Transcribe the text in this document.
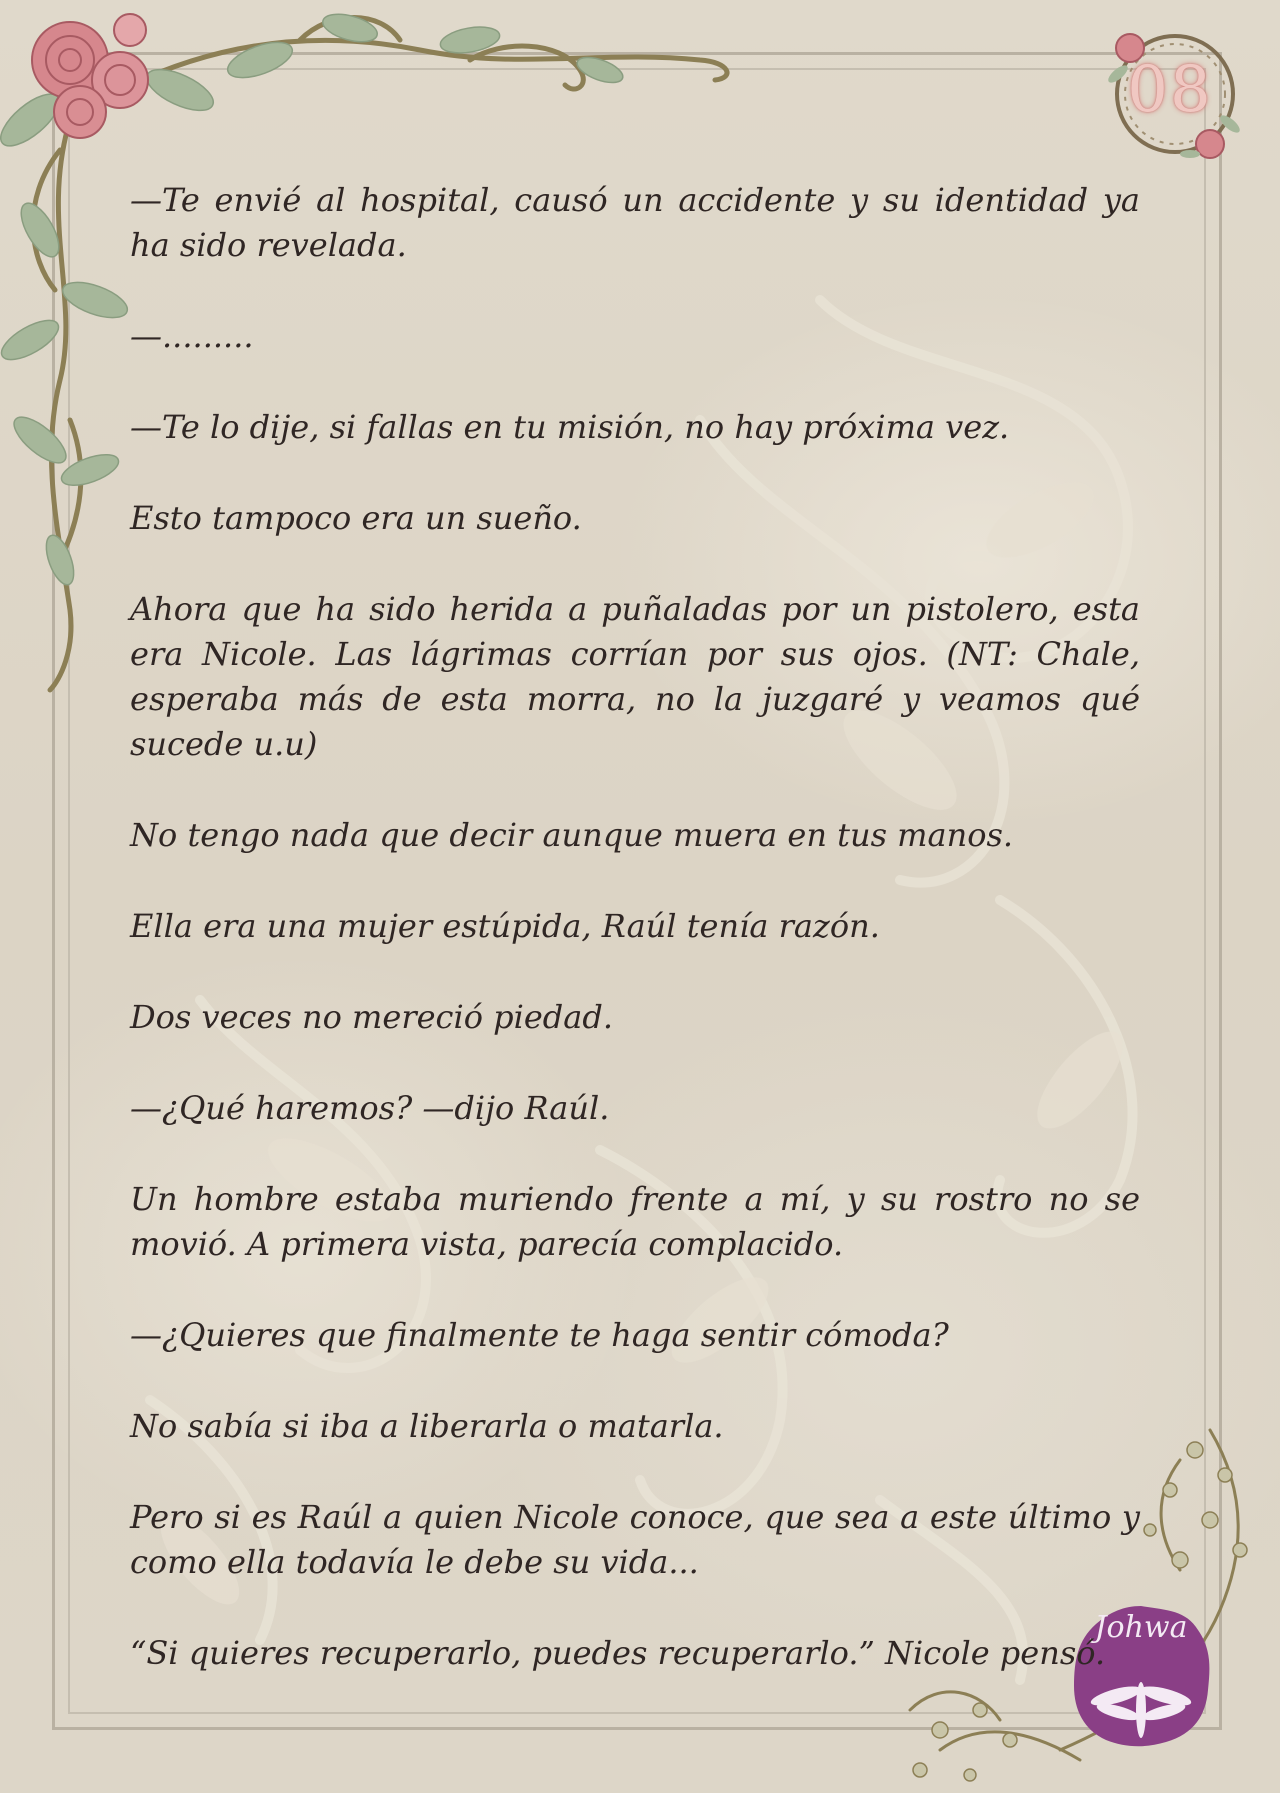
08
Johwa

—Te envié al hospital, causó un accidente y su identidad ya ha sido revelada.

—.........

—Te lo dije, si fallas en tu misión, no hay próxima vez.

Esto tampoco era un sueño.

Ahora que ha sido herida a puñaladas por un pistolero, esta era Nicole. Las lágrimas corrían por sus ojos. (NT: Chale, esperaba más de esta morra, no la juzgaré y veamos qué sucede u.u)

No tengo nada que decir aunque muera en tus manos.

Ella era una mujer estúpida, Raúl tenía razón.

Dos veces no mereció piedad.

—¿Qué haremos? —dijo Raúl.

Un hombre estaba muriendo frente a mí, y su rostro no se movió. A primera vista, parecía complacido.

—¿Quieres que finalmente te haga sentir cómoda?

No sabía si iba a liberarla o matarla.

Pero si es Raúl a quien Nicole conoce, que sea a este último y como ella todavía le debe su vida...

“Si quieres recuperarlo, puedes recuperarlo.” Nicole pensó.
